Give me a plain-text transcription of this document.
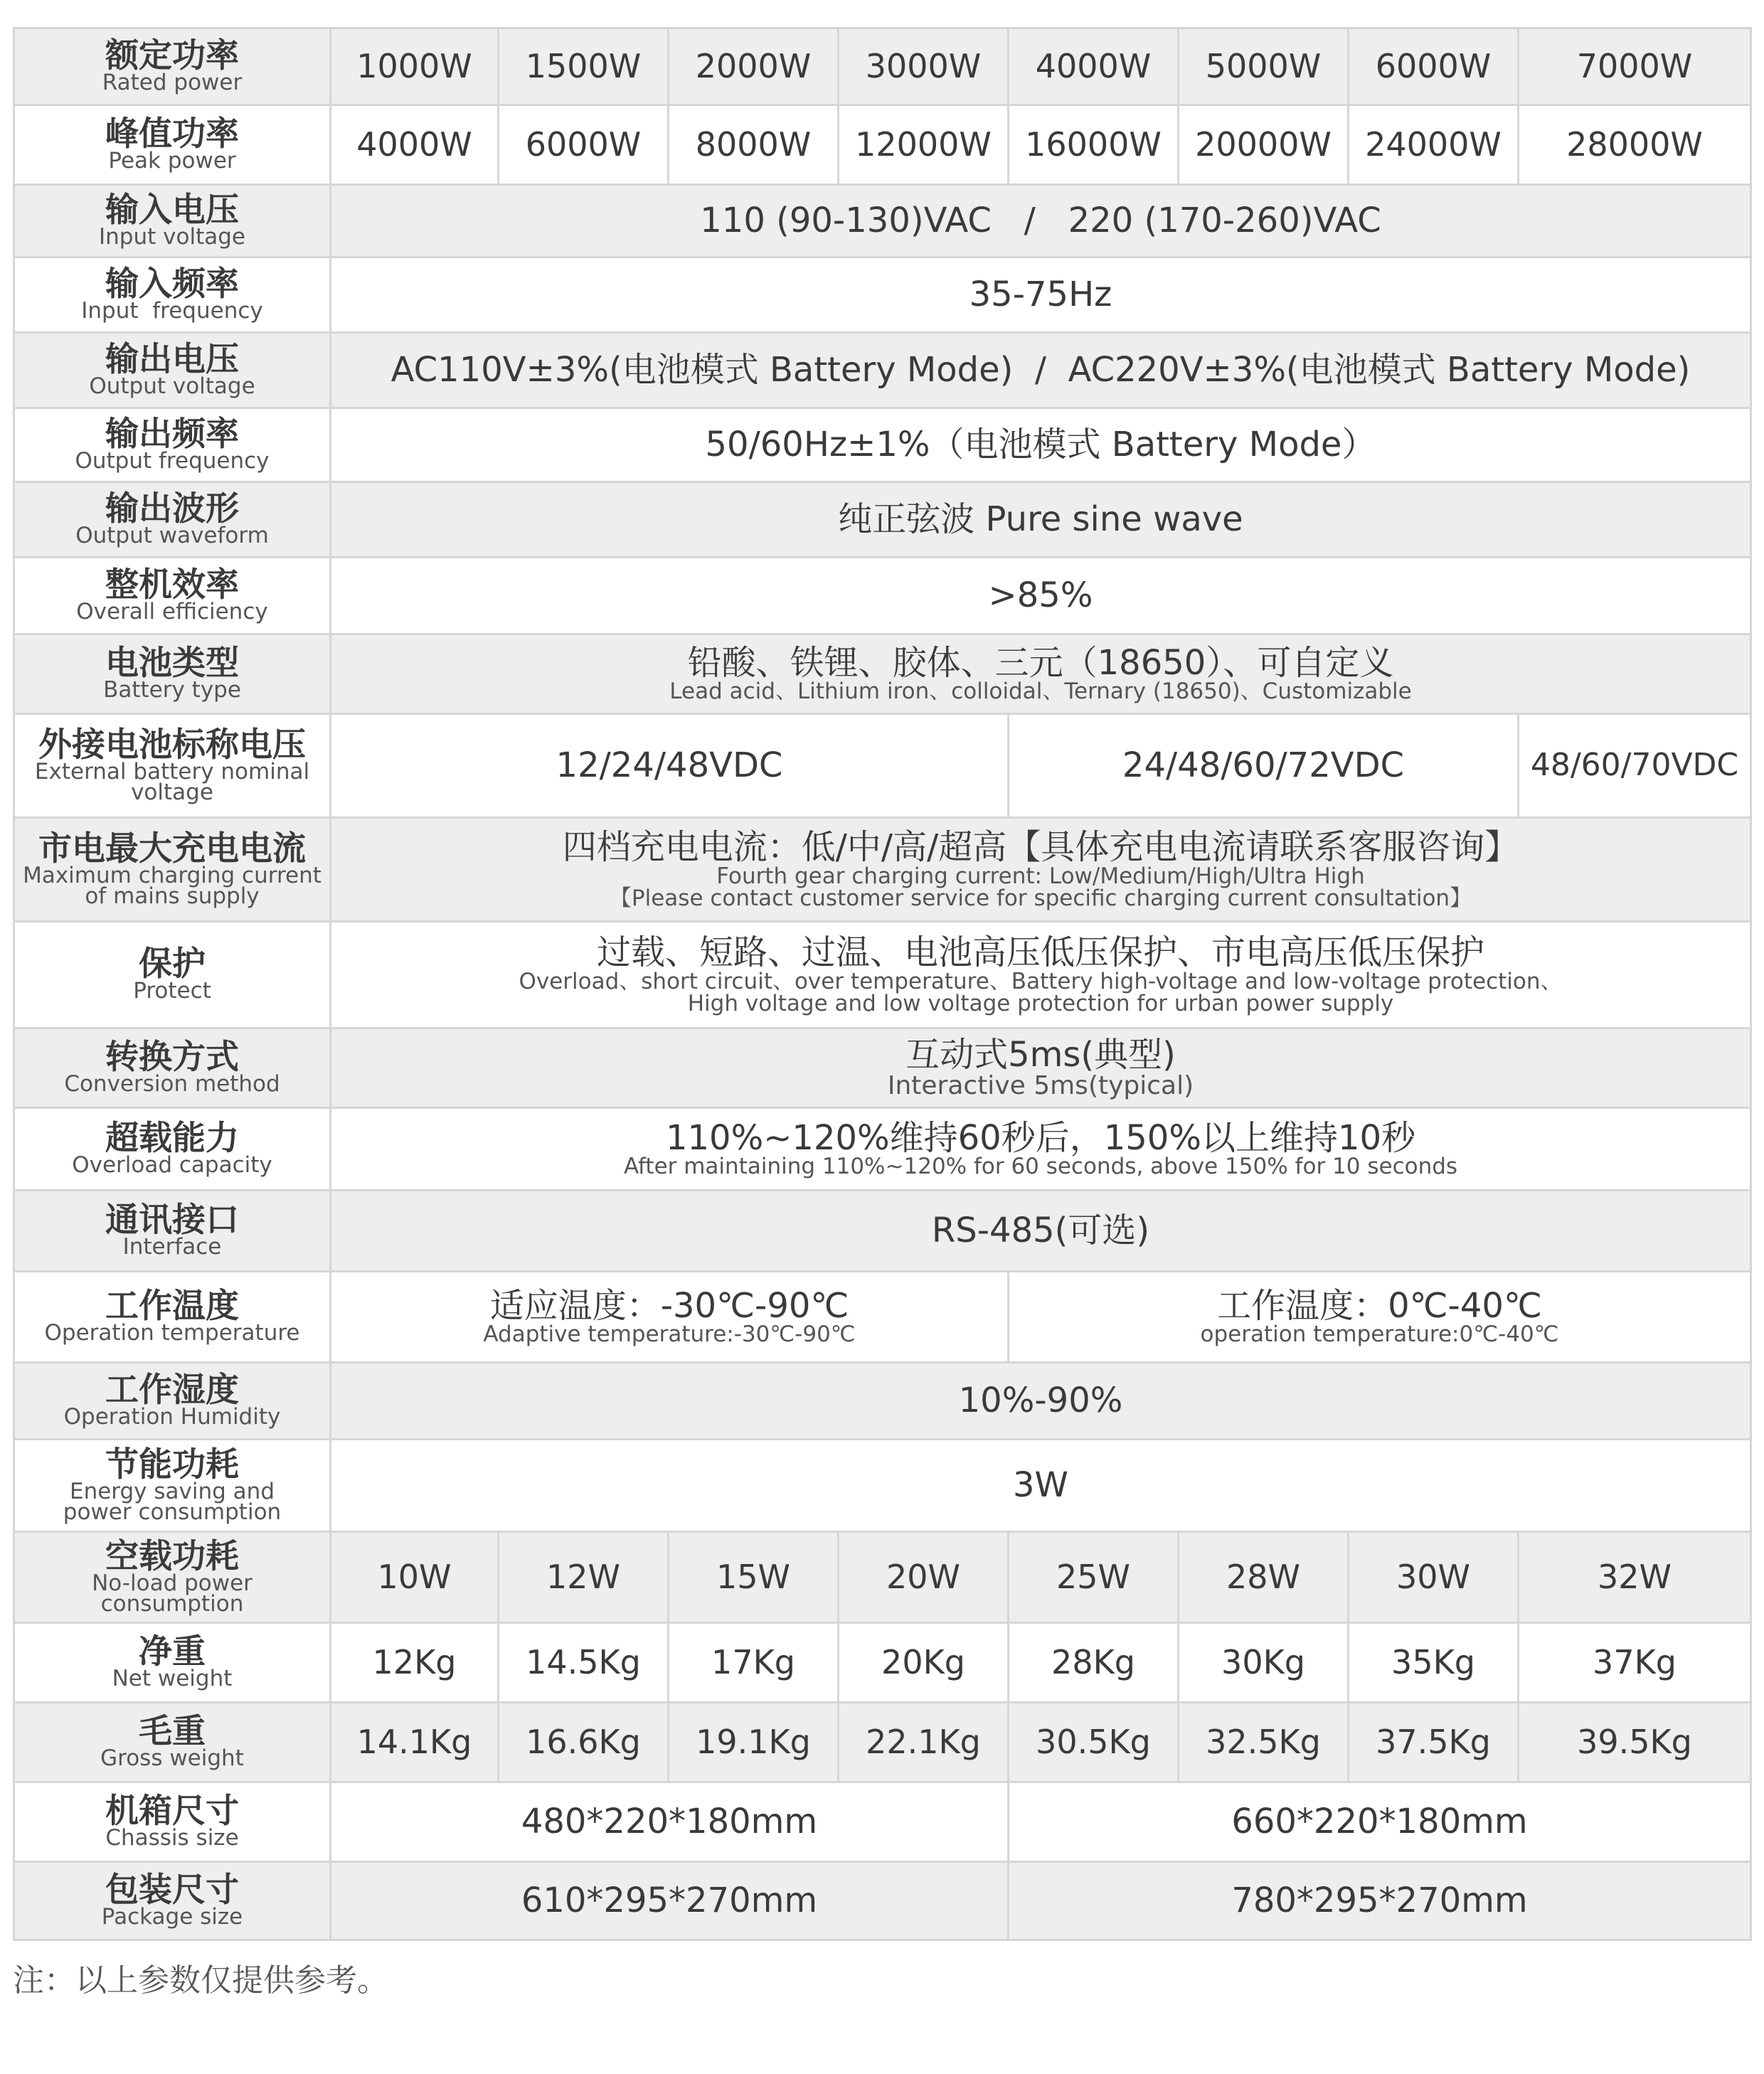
额定功率
Rated power	1000W	1500W	2000W	3000W	4000W	5000W	6000W	7000W

峰值功率
Peak power	4000W	6000W	8000W	12000W	16000W	20000W	24000W	28000W

输入电压
Input voltage	110 (90-130)VAC   /   220 (170-260)VAC							

输入频率
Input  frequency	35-75Hz							

输出电压
Output voltage	AC110V±3%(电池模式 Battery Mode)  /  AC220V±3%(电池模式 Battery Mode)							

输出频率
Output frequency	50/60Hz±1%（电池模式 Battery Mode）							

输出波形
Output waveform	纯正弦波 Pure sine wave							

整机效率
Overall efficiency	>85%							

电池类型
Battery type	铅酸、铁锂、胶体、三元（18650）、可自定义
Lead acid、Lithium iron、colloidal、Ternary (18650)、Customizable							

外接电池标称电压
External battery nominal voltage	12/24/48VDC				24/48/60/72VDC			48/60/70VDC

市电最大充电电流
Maximum charging current of mains supply	四档充电电流：低/中/高/超高【具体充电电流请联系客服咨询】
Fourth gear charging current: Low/Medium/High/Ultra High
【Please contact customer service for specific charging current consultation】							

保护
Protect	过载、短路、过温、电池高压低压保护、市电高压低压保护
Overload、short circuit、over temperature、Battery high-voltage and low-voltage protection、
High voltage and low voltage protection for urban power supply							

转换方式
Conversion method	互动式5ms(典型)
Interactive 5ms(typical)							

超载能力
Overload capacity	110%~120%维持60秒后，150%以上维持10秒
After maintaining 110%~120% for 60 seconds, above 150% for 10 seconds							

通讯接口
Interface	RS-485(可选)							

工作温度
Operation temperature	适应温度：-30℃-90℃
Adaptive temperature:-30℃-90℃				工作温度：0℃-40℃
operation temperature:0℃-40℃			

工作湿度
Operation Humidity	10%-90%							

节能功耗
Energy saving and power consumption	3W							

空载功耗
No-load power consumption	10W	12W	15W	20W	25W	28W	30W	32W

净重
Net weight	12Kg	14.5Kg	17Kg	20Kg	28Kg	30Kg	35Kg	37Kg

毛重
Gross weight	14.1Kg	16.6Kg	19.1Kg	22.1Kg	30.5Kg	32.5Kg	37.5Kg	39.5Kg

机箱尺寸
Chassis size	480*220*180mm				660*220*180mm			

包装尺寸
Package size	610*295*270mm				780*295*270mm			
注：以上参数仅提供参考。
